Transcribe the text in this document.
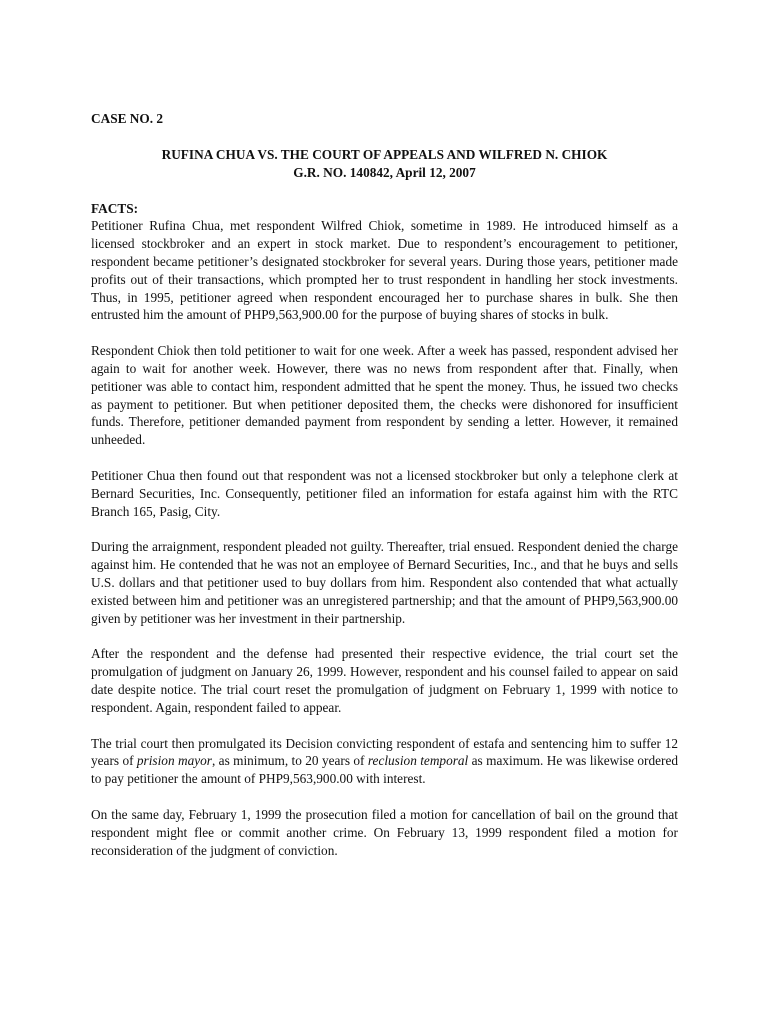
CASE NO. 2

RUFINA CHUA VS. THE COURT OF APPEALS AND WILFRED N. CHIOK
G.R. NO. 140842, April 12, 2007
FACTS:

Petitioner Rufina Chua, met respondent Wilfred Chiok, sometime in 1989. He introduced himself as a licensed stockbroker and an expert in stock market. Due to respondent’s encouragement to petitioner, respondent became petitioner’s designated stockbroker for several years. During those years, petitioner made profits out of their transactions, which prompted her to trust respondent in handling her stock investments. Thus, in 1995, petitioner agreed when respondent encouraged her to purchase shares in bulk. She then entrusted him the amount of PHP9,563,900.00 for the purpose of buying shares of stocks in bulk.

Respondent Chiok then told petitioner to wait for one week. After a week has passed, respondent advised her again to wait for another week. However, there was no news from respondent after that. Finally, when petitioner was able to contact him, respondent admitted that he spent the money. Thus, he issued two checks as payment to petitioner. But when petitioner deposited them, the checks were dishonored for insufficient funds. Therefore, petitioner demanded payment from respondent by sending a letter. However, it remained unheeded.

Petitioner Chua then found out that respondent was not a licensed stockbroker but only a telephone clerk at Bernard Securities, Inc. Consequently, petitioner filed an information for estafa against him with the RTC Branch 165, Pasig, City.

During the arraignment, respondent pleaded not guilty. Thereafter, trial ensued. Respondent denied the charge against him. He contended that he was not an employee of Bernard Securities, Inc., and that he buys and sells U.S. dollars and that petitioner used to buy dollars from him. Respondent also contended that what actually existed between him and petitioner was an unregistered partnership; and that the amount of PHP9,563,900.00 given by petitioner was her investment in their partnership.

After the respondent and the defense had presented their respective evidence, the trial court set the promulgation of judgment on January 26, 1999. However, respondent and his counsel failed to appear on said date despite notice. The trial court reset the promulgation of judgment on February 1, 1999 with notice to respondent. Again, respondent failed to appear.

The trial court then promulgated its Decision convicting respondent of estafa and sentencing him to suffer 12 years of prision mayor, as minimum, to 20 years of reclusion temporal as maximum. He was likewise ordered to pay petitioner the amount of PHP9,563,900.00 with interest.

On the same day, February 1, 1999 the prosecution filed a motion for cancellation of bail on the ground that respondent might flee or commit another crime. On February 13, 1999 respondent filed a motion for reconsideration of the judgment of conviction.
